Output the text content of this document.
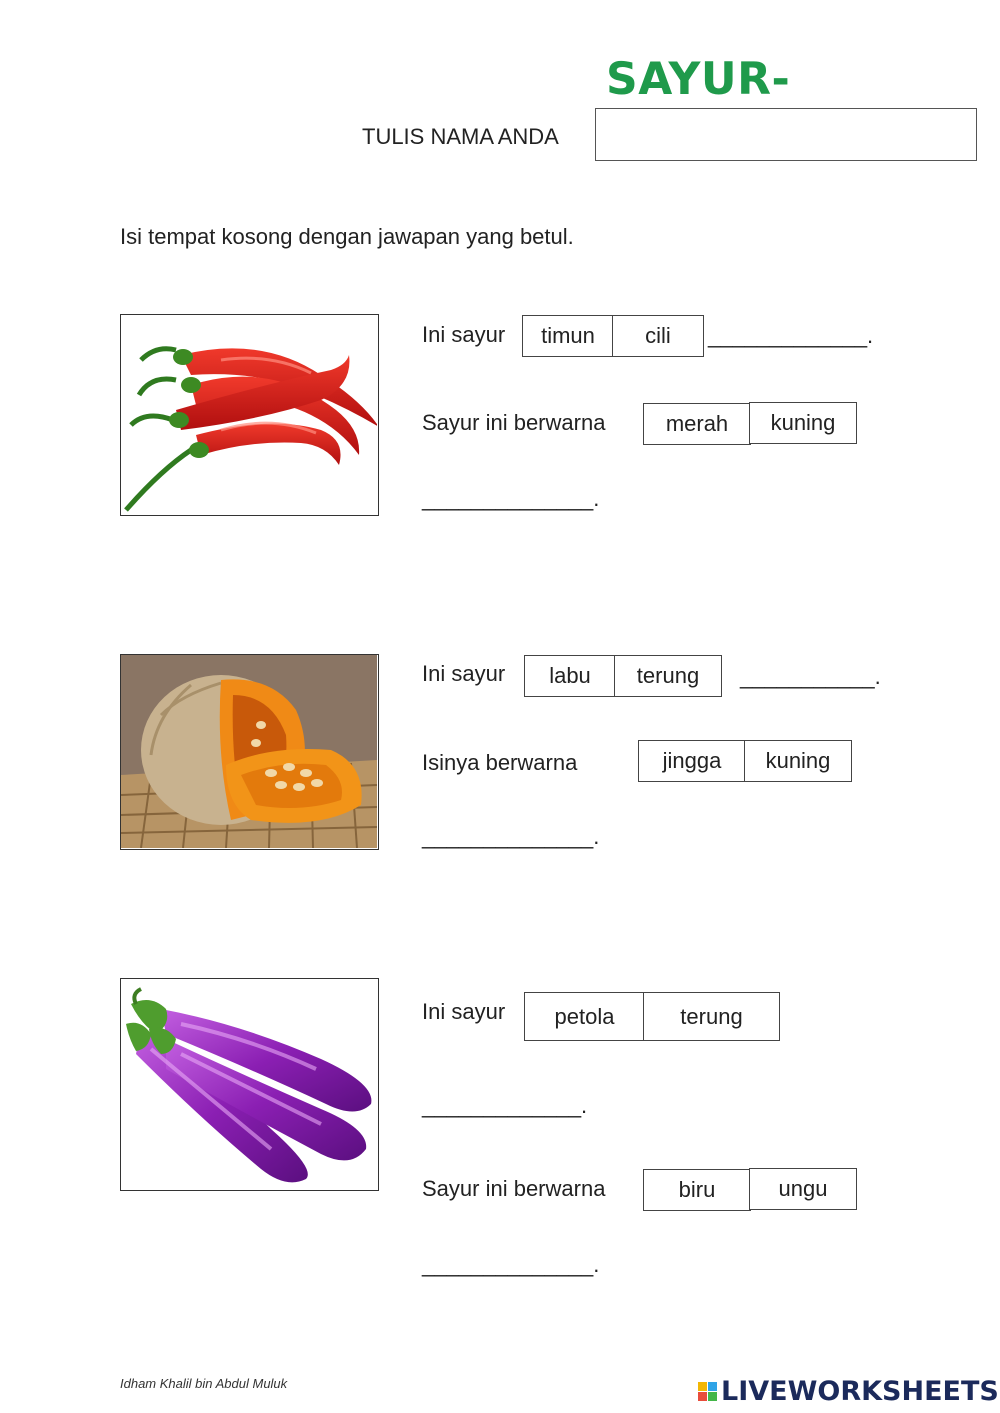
SAYUR-
TULIS NAMA ANDA
Isi tempat kosong dengan jawapan yang betul.
Ini sayur	timun	cili	_____________.
Sayur ini berwarna	merah	kuning
______________.
Ini sayur	labu	terung	___________.
Isinya berwarna	jingga	kuning
______________.
Ini sayur	petola	terung
_____________.
Sayur ini berwarna	biru	ungu
______________.
Idham Khalil bin Abdul Muluk	LIVEWORKSHEETS
